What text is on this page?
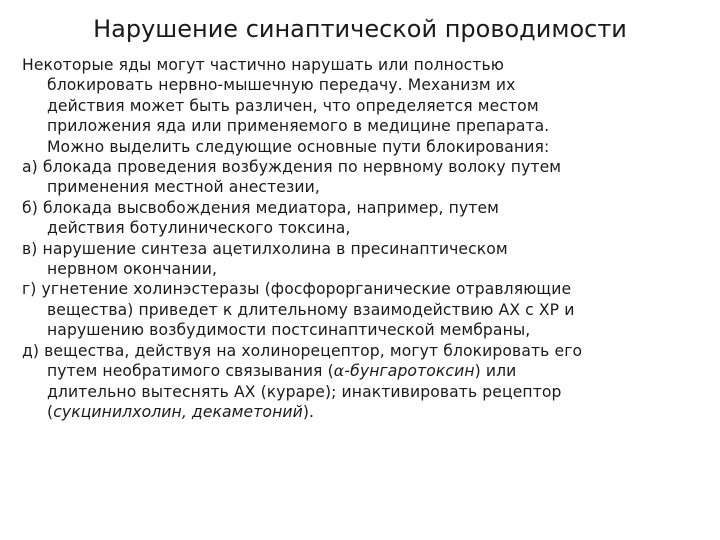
Нарушение синаптической проводимости

Некоторые яды могут частично нарушать или полностью
блокировать нервно-мышечную передачу. Механизм их
действия может быть различен, что определяется местом
приложения яда или применяемого в медицине препарата.
Можно выделить следующие основные пути блокирования:

а) блокада проведения возбуждения по нервному волоку путем
применения местной анестезии,

б) блокада высвобождения медиатора, например, путем
действия ботулинического токсина,

в) нарушение синтеза ацетилхолина в пресинаптическом
нервном окончании,

г) угнетение холинэстеразы (фосфорорганические отравляющие
вещества) приведет к длительному взаимодействию АХ с ХР и
нарушению возбудимости постсинаптической мембраны,

д) вещества, действуя на холинорецептор, могут блокировать его
путем необратимого связывания (α-бунгаротоксин) или
длительно вытеснять АХ (кураре); инактивировать рецептор
(сукцинилхолин, декаметоний).
